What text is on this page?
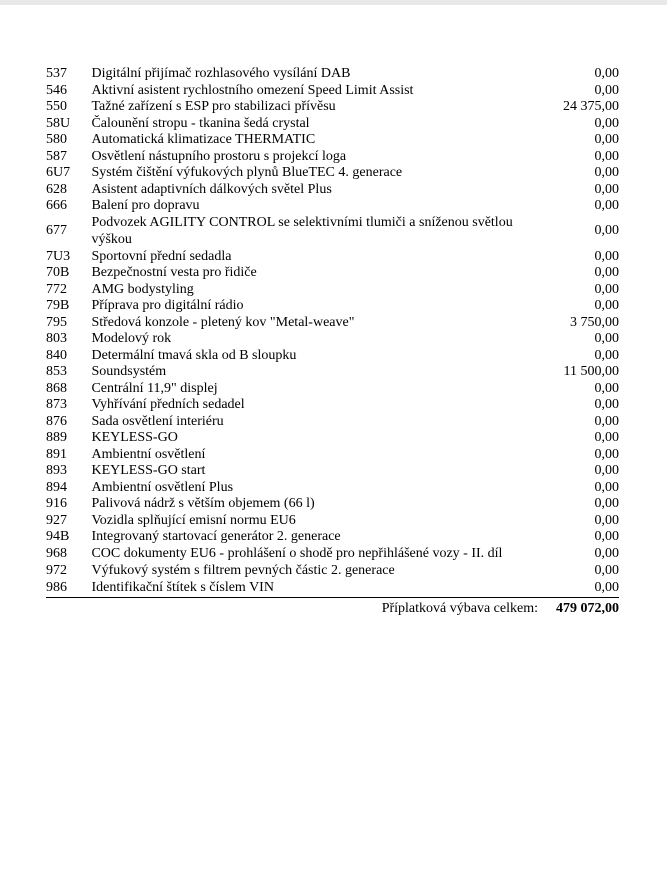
537	Digitální přijímač rozhlasového vysílání DAB	0,00
546	Aktivní asistent rychlostního omezení Speed Limit Assist	0,00
550	Tažné zařízení s ESP pro stabilizaci přívěsu	24 375,00
58U	Čalounění stropu - tkanina šedá crystal	0,00
580	Automatická klimatizace THERMATIC	0,00
587	Osvětlení nástupního prostoru s projekcí loga	0,00
6U7	Systém čištění výfukových plynů BlueTEC 4. generace	0,00
628	Asistent adaptivních dálkových světel Plus	0,00
666	Balení pro dopravu	0,00
677	Podvozek AGILITY CONTROL se selektivními tlumiči a sníženou světlou výškou	0,00
7U3	Sportovní přední sedadla	0,00
70B	Bezpečnostní vesta pro řidiče	0,00
772	AMG bodystyling	0,00
79B	Příprava pro digitální rádio	0,00
795	Středová konzole - pletený kov "Metal-weave"	3 750,00
803	Modelový rok	0,00
840	Determální tmavá skla od B sloupku	0,00
853	Soundsystém	11 500,00
868	Centrální 11,9" displej	0,00
873	Vyhřívání předních sedadel	0,00
876	Sada osvětlení interiéru	0,00
889	KEYLESS-GO	0,00
891	Ambientní osvětlení	0,00
893	KEYLESS-GO start	0,00
894	Ambientní osvětlení Plus	0,00
916	Palivová nádrž s větším objemem (66 l)	0,00
927	Vozidla splňující emisní normu EU6	0,00
94B	Integrovaný startovací generátor 2. generace	0,00
968	COC dokumenty EU6 - prohlášení o shodě pro nepřihlášené vozy - II. díl	0,00
972	Výfukový systém s filtrem pevných částic 2. generace	0,00
986	Identifikační štítek s číslem VIN	0,00
Příplatková výbava celkem: 479 072,00
